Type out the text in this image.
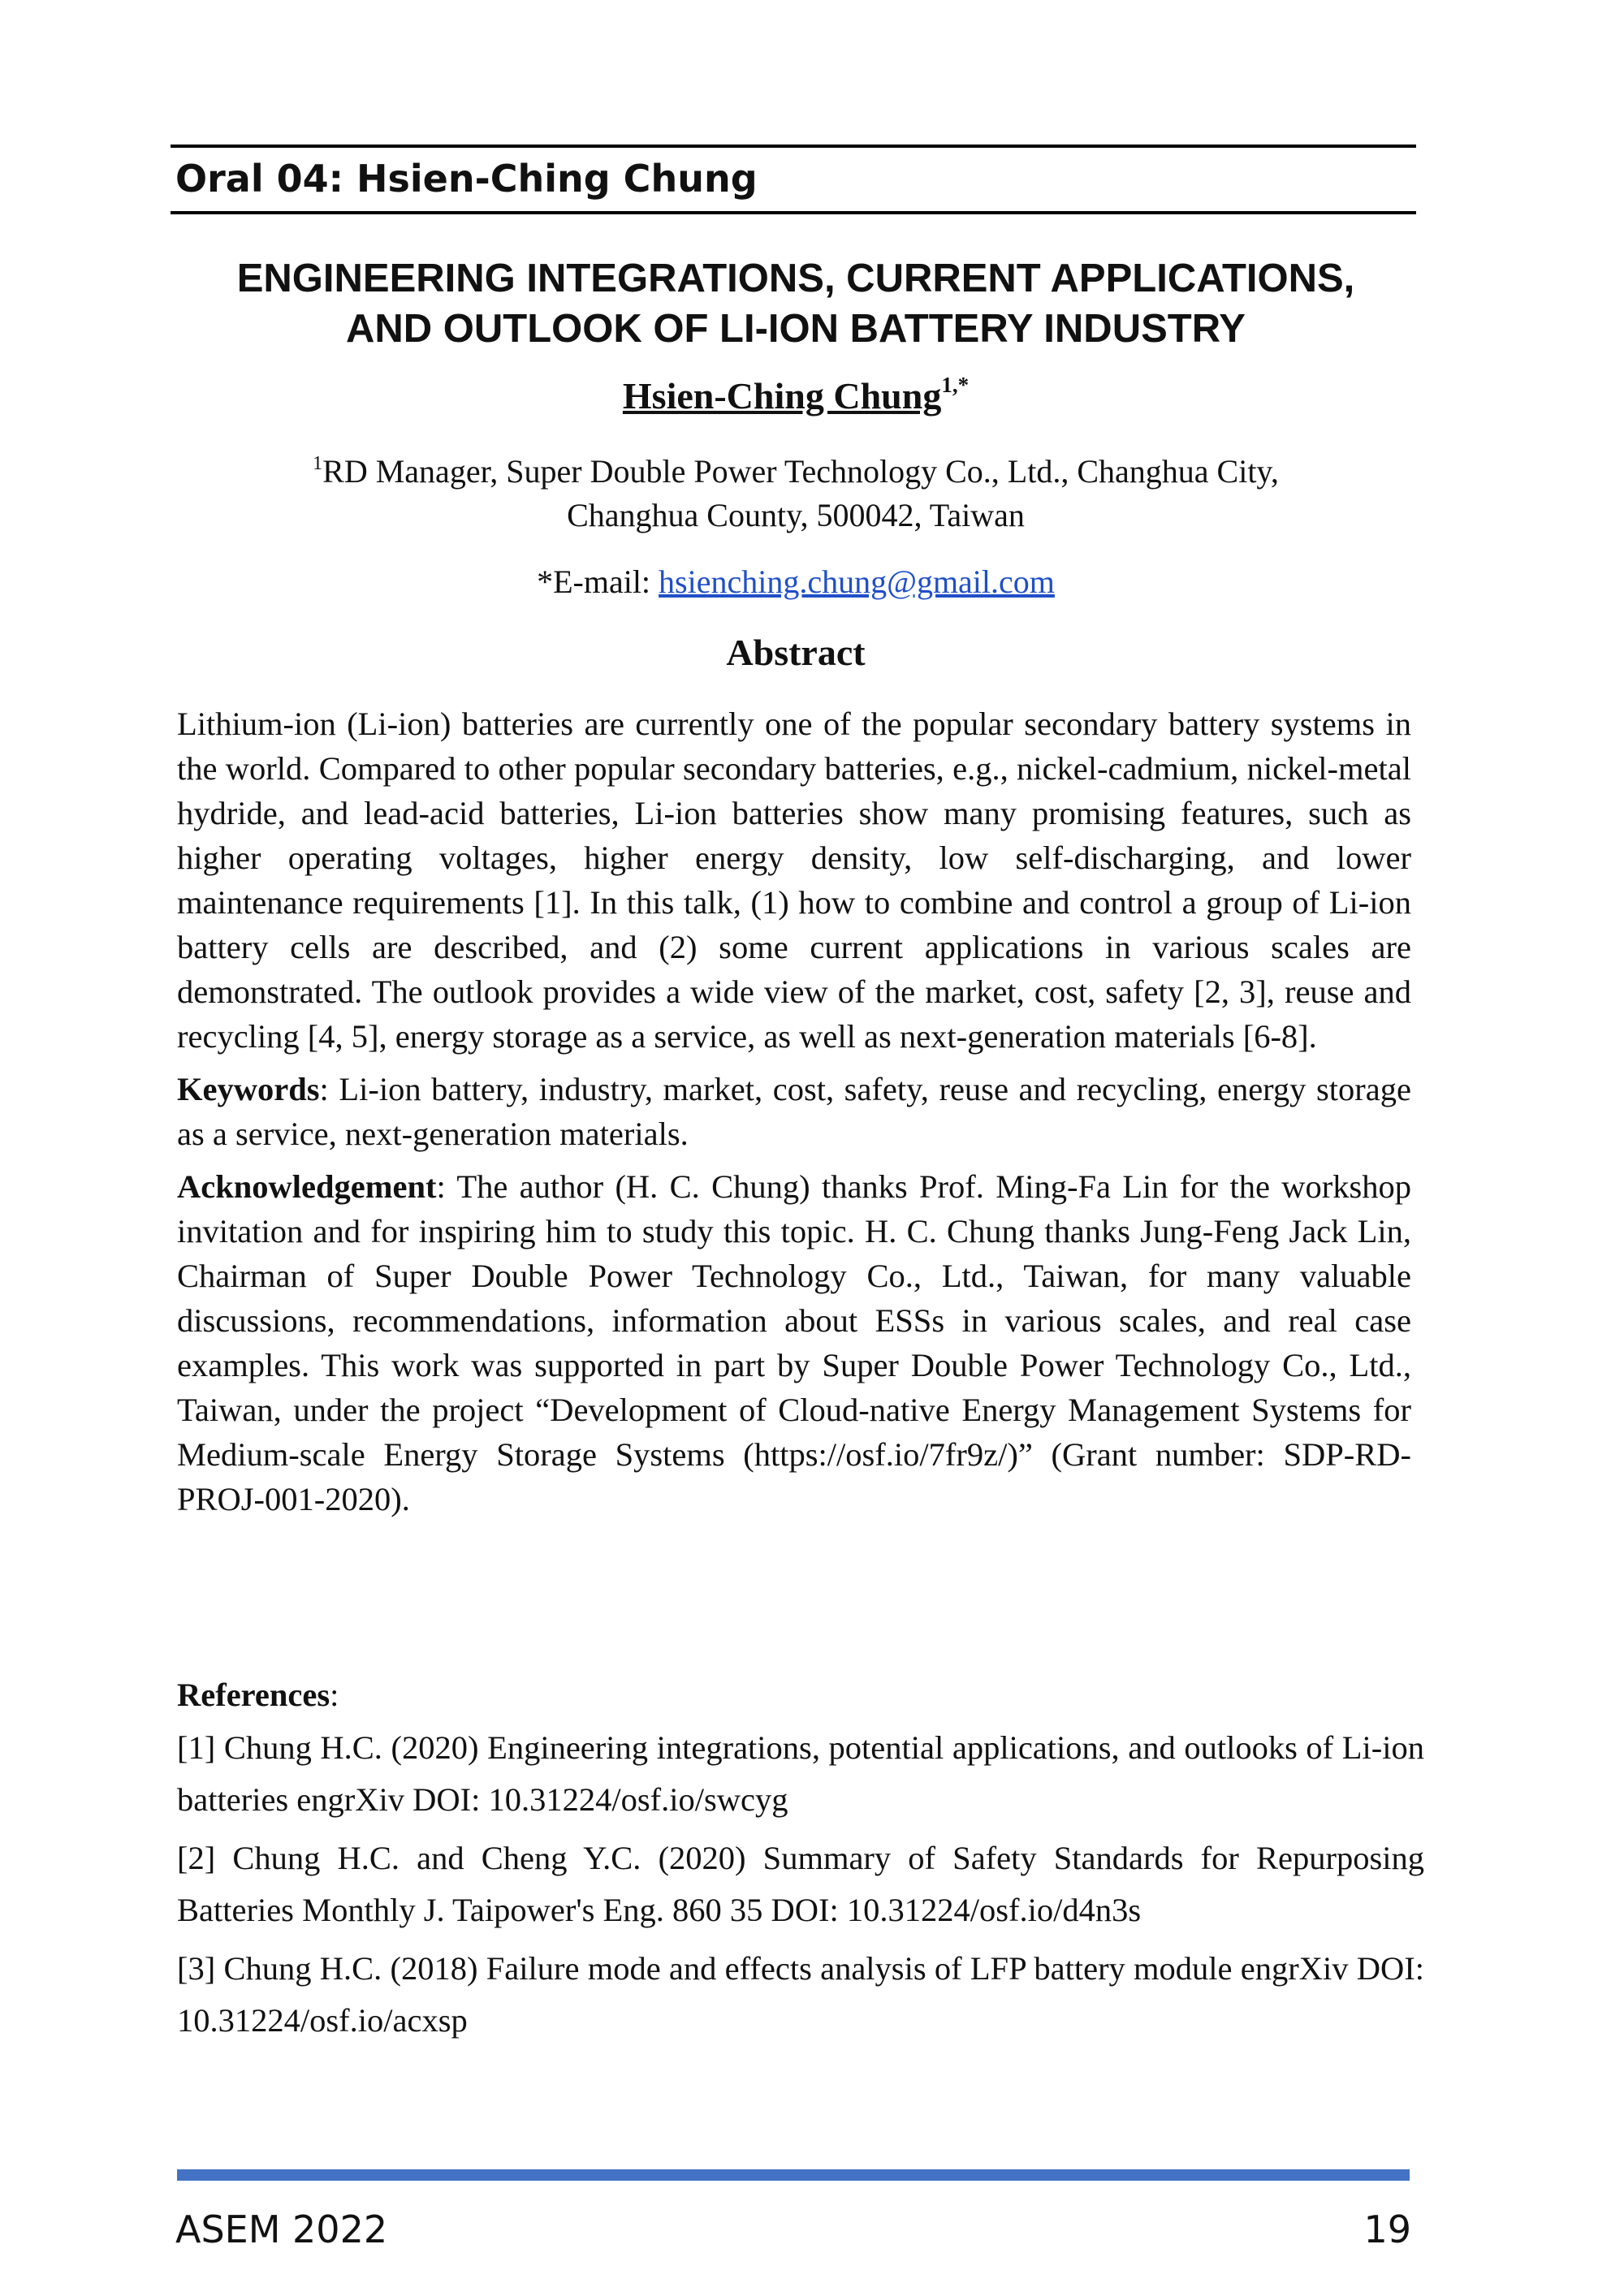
Oral 04: Hsien-Ching Chung
ENGINEERING INTEGRATIONS, CURRENT APPLICATIONS,
AND OUTLOOK OF LI-ION BATTERY INDUSTRY
Hsien-Ching Chung$^{1,*}$
$^1$RD Manager, Super Double Power Technology Co., Ltd., Changhua City,
Changhua County, 500042, Taiwan
*E-mail: hsienching.chung@gmail.com
Abstract

Lithium-ion (Li-ion) batteries are currently one of the popular secondary battery systems in the world. Compared to other popular secondary batteries, e.g., nickel-cadmium, nickel-metal hydride, and lead-acid batteries, Li-ion batteries show many promising features, such as higher operating voltages, higher energy density, low self-discharging, and lower maintenance requirements [1]. In this talk, (1) how to combine and control a group of Li-ion battery cells are described, and (2) some current applications in various scales are demonstrated. The outlook provides a wide view of the market, cost, safety [2, 3], reuse and recycling [4, 5], energy storage as a service, as well as next-generation materials [6-8].

Keywords: Li-ion battery, industry, market, cost, safety, reuse and recycling, energy storage as a service, next-generation materials.

Acknowledgement: The author (H. C. Chung) thanks Prof. Ming-Fa Lin for the workshop invitation and for inspiring him to study this topic. H. C. Chung thanks Jung-Feng Jack Lin, Chairman of Super Double Power Technology Co., Ltd., Taiwan, for many valuable discussions, recommendations, information about ESSs in various scales, and real case examples. This work was supported in part by Super Double Power Technology Co., Ltd., Taiwan, under the project “Development of Cloud-native Energy Management Systems for Medium-scale Energy Storage Systems (https://osf.io/7fr9z/)” (Grant number: SDP-RD-PROJ-001-2020).

References:
[1] Chung H.C. (2020) Engineering integrations, potential applications, and outlooks of Li-ion batteries engrXiv DOI: 10.31224/osf.io/swcyg
[2] Chung H.C. and Cheng Y.C. (2020) Summary of Safety Standards for Repurposing Batteries Monthly J. Taipower's Eng. 860 35 DOI: 10.31224/osf.io/d4n3s
[3] Chung H.C. (2018) Failure mode and effects analysis of LFP battery module engrXiv DOI: 10.31224/osf.io/acxsp
ASEM 2022	19
